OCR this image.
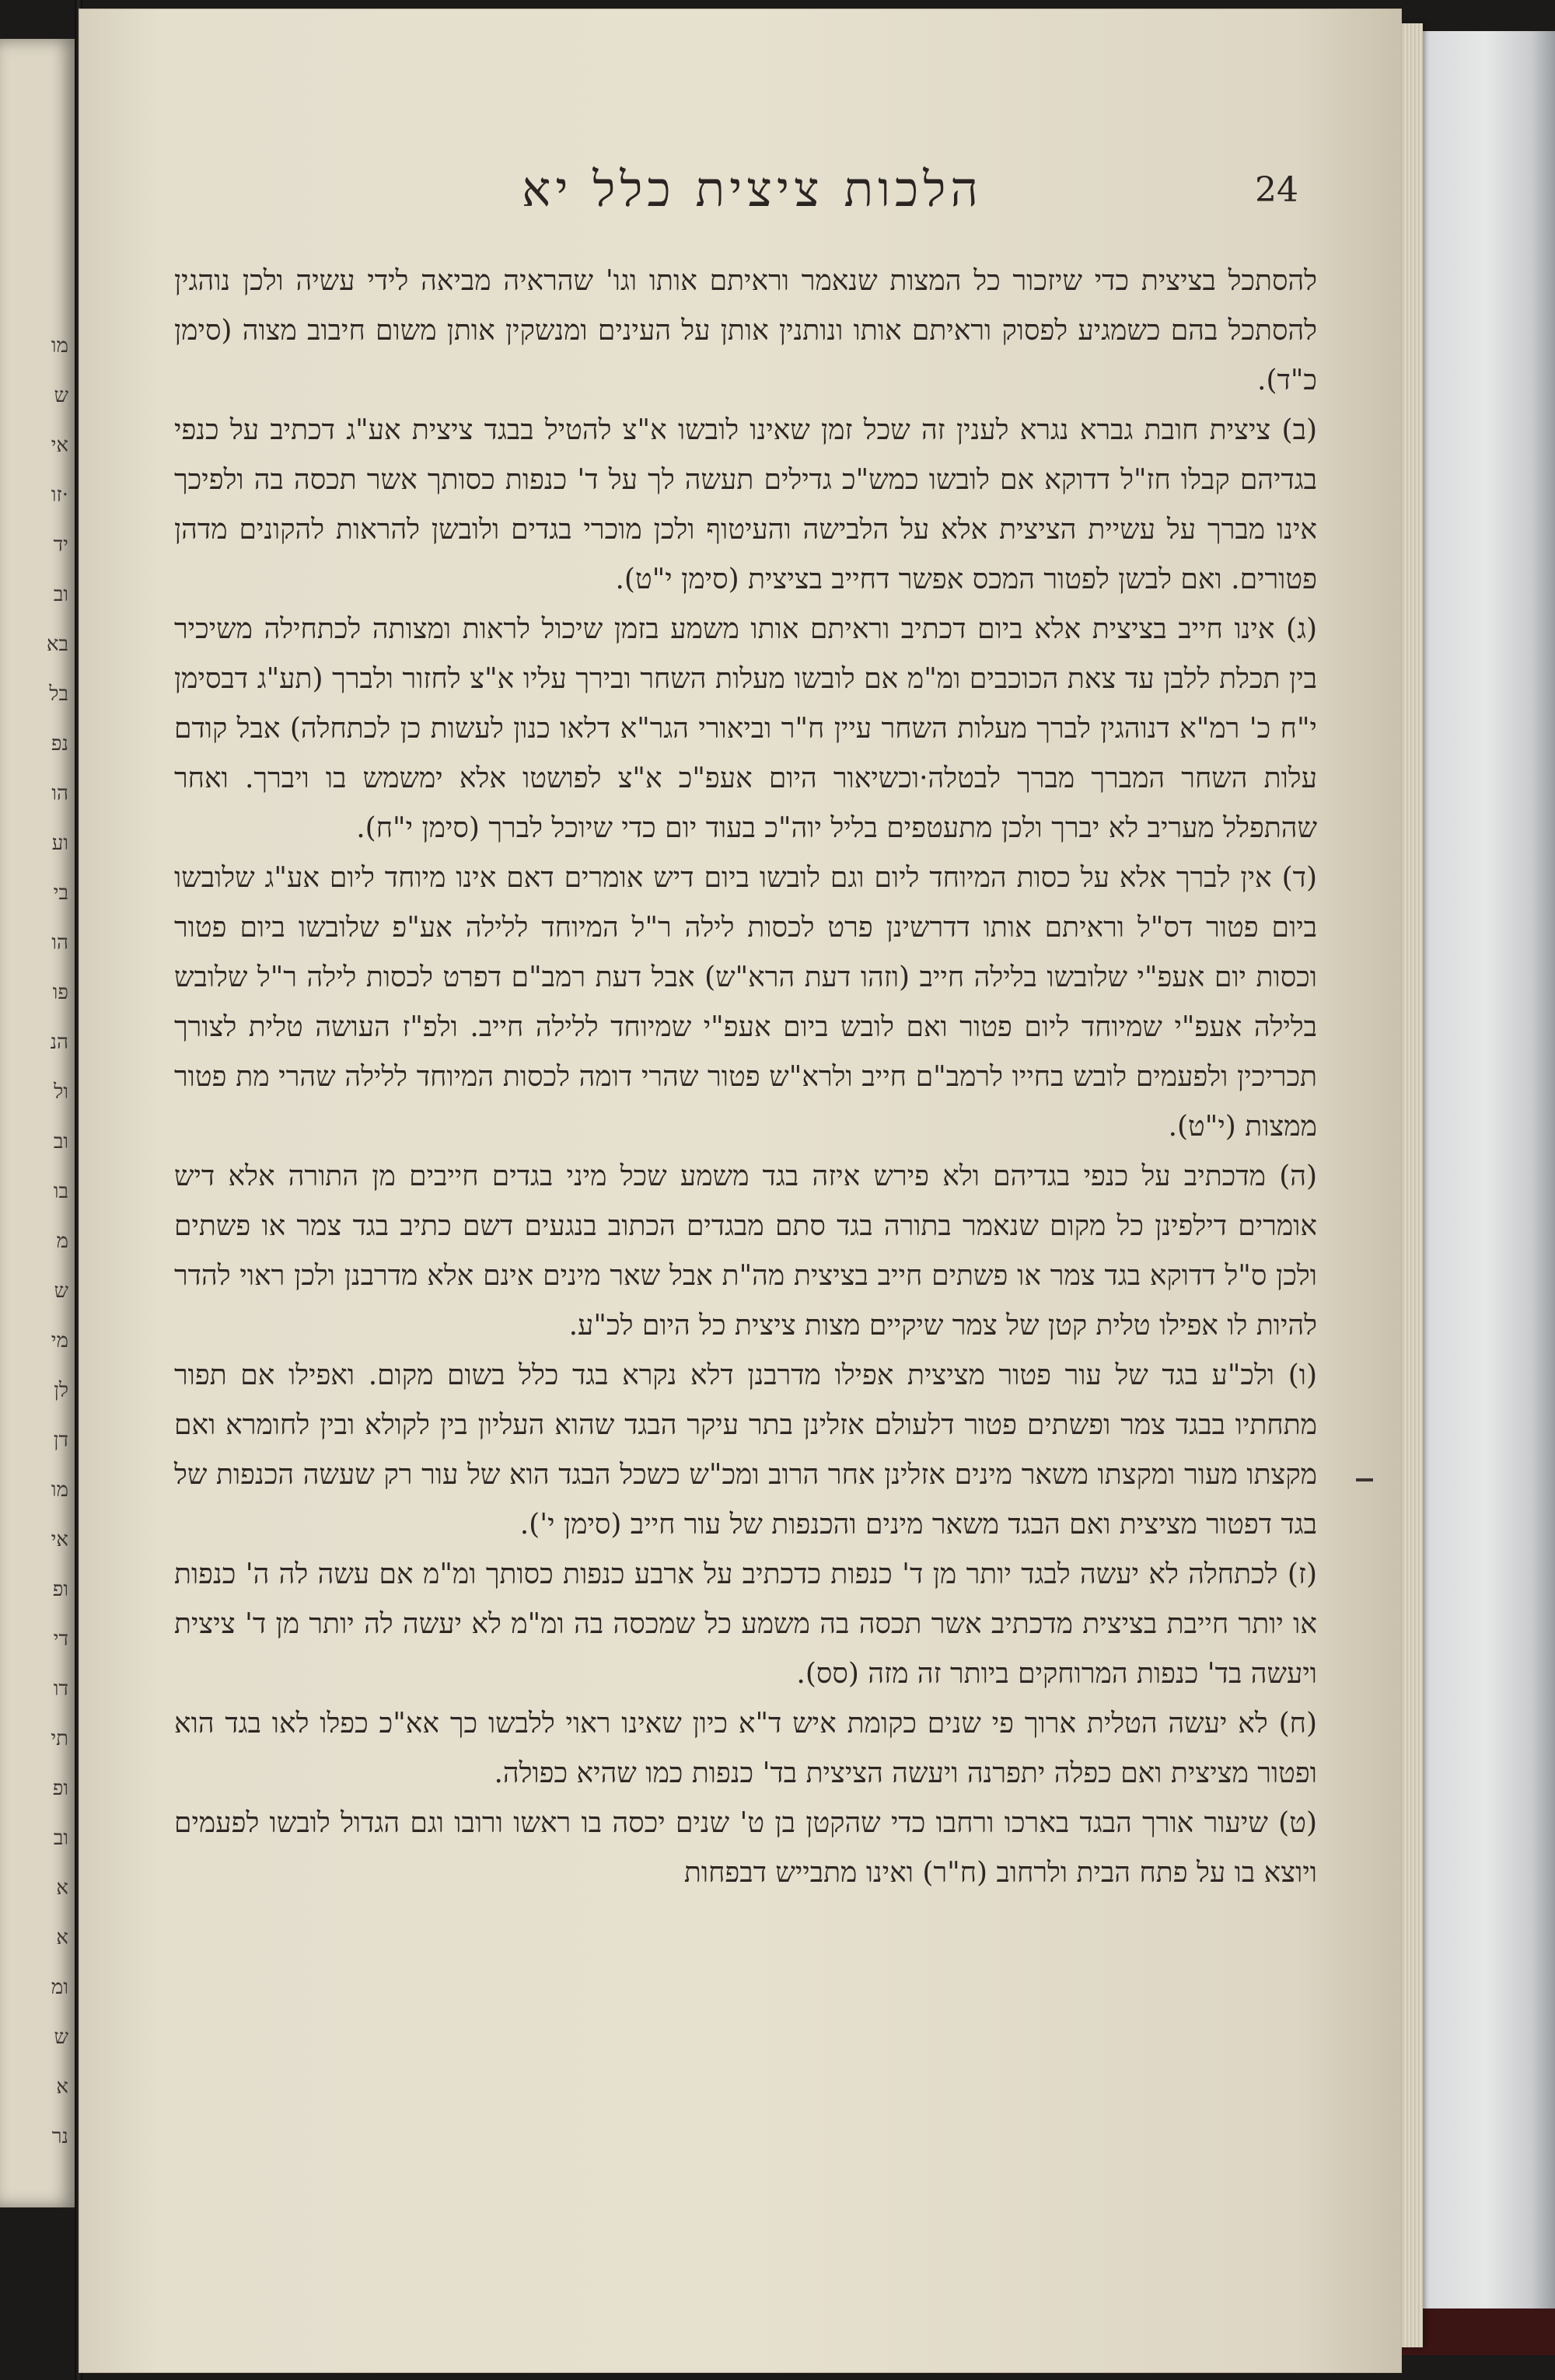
מו
ש
אי
·זו
יד
וב
בא
בל
נפ
הו
וע
בי
הו
פו
הנ
ול
וב
בו
מ
ש
מי
לן
דן
מו
אי
ופ
די
דו
תי
ופ
וב
א
א
ומ
ש
א
נר
הלכות ציצית כלל יא	24

להסתכל בציצית כדי שיזכור כל המצות שנאמר וראיתם אותו וגו' שהראיה מביאה לידי עשיה ולכן נוהגין להסתכל בהם כשמגיע לפסוק וראיתם אותו ונותנין אותן על העינים ומנשקין אותן משום חיבוב מצוה (סימן כ"ד).

(ב) ציצית חובת גברא נגרא לענין זה שכל זמן שאינו לובשו א"צ להטיל בבגד ציצית אע"ג דכתיב על כנפי בגדיהם קבלו חז"ל דדוקא אם לובשו כמש"כ גדילים תעשה לך על ד' כנפות כסותך אשר תכסה בה ולפיכך אינו מברך על עשיית הציצית אלא על הלבישה והעיטוף ולכן מוכרי בגדים ולובשן להראות להקונים מדהן פטורים. ואם לבשן לפטור המכס אפשר דחייב בציצית (סימן י"ט).

(ג) אינו חייב בציצית אלא ביום דכתיב וראיתם אותו משמע בזמן שיכול לראות ומצותה לכתחילה משיכיר בין תכלת ללבן עד צאת הכוכבים ומ"מ אם לובשו מעלות השחר ובירך עליו א"צ לחזור ולברך (תע"ג דבסימן י"ח כ' רמ"א דנוהגין לברך מעלות השחר עיין ח"ר וביאורי הגר"א דלאו כנון לעשות כן לכתחלה) אבל קודם עלות השחר המברך מברך לבטלה·וכשיאור היום אעפ"כ א"צ לפושטו אלא ימשמש בו ויברך. ואחר שהתפלל מעריב לא יברך ולכן מתעטפים בליל יוה"כ בעוד יום כדי שיוכל לברך (סימן י"ח).

(ד) אין לברך אלא על כסות המיוחד ליום וגם לובשו ביום דיש אומרים דאם אינו מיוחד ליום אע"ג שלובשו ביום פטור דס"ל וראיתם אותו דדרשינן פרט לכסות לילה ר"ל המיוחד ללילה אע"פ שלובשו ביום פטור וכסות יום אעפ"י שלובשו בלילה חייב (וזהו דעת הרא"ש) אבל דעת רמב"ם דפרט לכסות לילה ר"ל שלובש בלילה אעפ"י שמיוחד ליום פטור ואם לובש ביום אעפ"י שמיוחד ללילה חייב. ולפ"ז העושה טלית לצורך תכריכין ולפעמים לובש בחייו לרמב"ם חייב ולרא"ש פטור שהרי דומה לכסות המיוחד ללילה שהרי מת פטור ממצות (י"ט).

(ה) מדכתיב על כנפי בגדיהם ולא פירש איזה בגד משמע שכל מיני בגדים חייבים מן התורה אלא דיש אומרים דילפינן כל מקום שנאמר בתורה בגד סתם מבגדים הכתוב בנגעים דשם כתיב בגד צמר או פשתים ולכן ס"ל דדוקא בגד צמר או פשתים חייב בציצית מה"ת אבל שאר מינים אינם אלא מדרבנן ולכן ראוי להדר להיות לו אפילו טלית קטן של צמר שיקיים מצות ציצית כל היום לכ"ע.

(ו) ולכ"ע בגד של עור פטור מציצית אפילו מדרבנן דלא נקרא בגד כלל בשום מקום. ואפילו אם תפור מתחתיו בבגד צמר ופשתים פטור דלעולם אזלינן בתר עיקר הבגד שהוא העליון בין לקולא ובין לחומרא ואם מקצתו מעור ומקצתו משאר מינים אזלינן אחר הרוב ומכ"ש כשכל הבגד הוא של עור רק שעשה הכנפות של בגד דפטור מציצית ואם הבגד משאר מינים והכנפות של עור חייב (סימן י').

(ז) לכתחלה לא יעשה לבגד יותר מן ד' כנפות כדכתיב על ארבע כנפות כסותך ומ"מ אם עשה לה ה' כנפות או יותר חייבת בציצית מדכתיב אשר תכסה בה משמע כל שמכסה בה ומ"מ לא יעשה לה יותר מן ד' ציצית ויעשה בד' כנפות המרוחקים ביותר זה מזה (סס).

(ח) לא יעשה הטלית ארוך פי שנים כקומת איש ד"א כיון שאינו ראוי ללבשו כך אא"כ כפלו לאו בגד הוא ופטור מציצית ואם כפלה יתפרנה ויעשה הציצית בד' כנפות כמו שהיא כפולה.

(ט) שיעור אורך הבגד בארכו ורחבו כדי שהקטן בן ט' שנים יכסה בו ראשו ורובו וגם הגדול לובשו לפעמים ויוצא בו על פתח הבית ולרחוב (ח"ר) ואינו מתבייש דבפחות
